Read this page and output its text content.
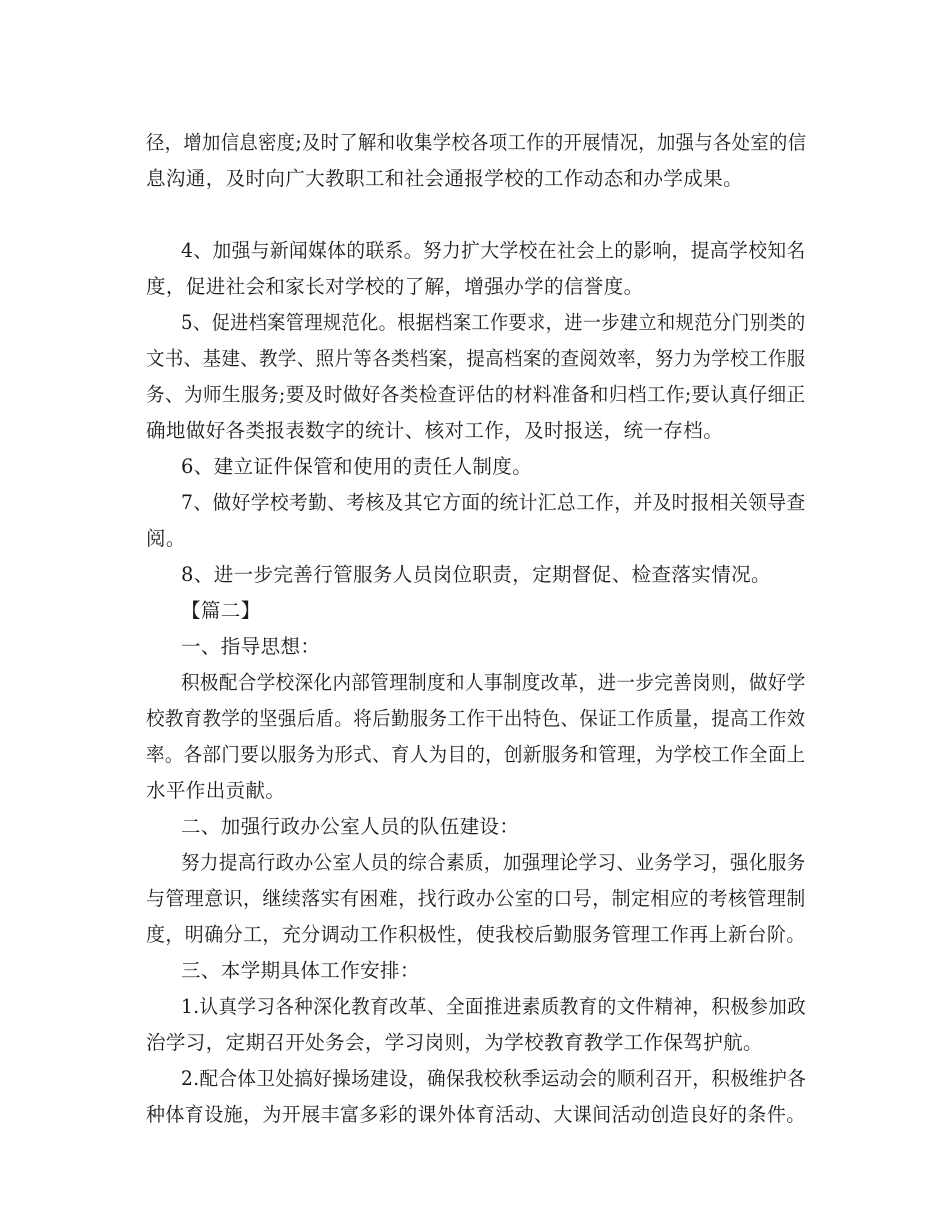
径，增加信息密度;及时了解和收集学校各项工作的开展情况，加强与各处室的信
息沟通，及时向广大教职工和社会通报学校的工作动态和办学成果。
4、加强与新闻媒体的联系。努力扩大学校在社会上的影响，提高学校知名
度，促进社会和家长对学校的了解，增强办学的信誉度。
5、促进档案管理规范化。根据档案工作要求，进一步建立和规范分门别类的
文书、基建、教学、照片等各类档案，提高档案的查阅效率，努力为学校工作服
务、为师生服务;要及时做好各类检查评估的材料准备和归档工作;要认真仔细正
确地做好各类报表数字的统计、核对工作，及时报送，统一存档。
6、建立证件保管和使用的责任人制度。
7、做好学校考勤、考核及其它方面的统计汇总工作，并及时报相关领导查
阅。
8、进一步完善行管服务人员岗位职责，定期督促、检查落实情况。
【篇二】
一、指导思想：
积极配合学校深化内部管理制度和人事制度改革，进一步完善岗则，做好学
校教育教学的坚强后盾。将后勤服务工作干出特色、保证工作质量，提高工作效
率。各部门要以服务为形式、育人为目的，创新服务和管理，为学校工作全面上
水平作出贡献。
二、加强行政办公室人员的队伍建设：
努力提高行政办公室人员的综合素质，加强理论学习、业务学习，强化服务
与管理意识，继续落实有困难，找行政办公室的口号，制定相应的考核管理制
度，明确分工，充分调动工作积极性，使我校后勤服务管理工作再上新台阶。
三、本学期具体工作安排：
1.认真学习各种深化教育改革、全面推进素质教育的文件精神，积极参加政
治学习，定期召开处务会，学习岗则，为学校教育教学工作保驾护航。
2.配合体卫处搞好操场建设，确保我校秋季运动会的顺利召开，积极维护各
种体育设施，为开展丰富多彩的课外体育活动、大课间活动创造良好的条件。
